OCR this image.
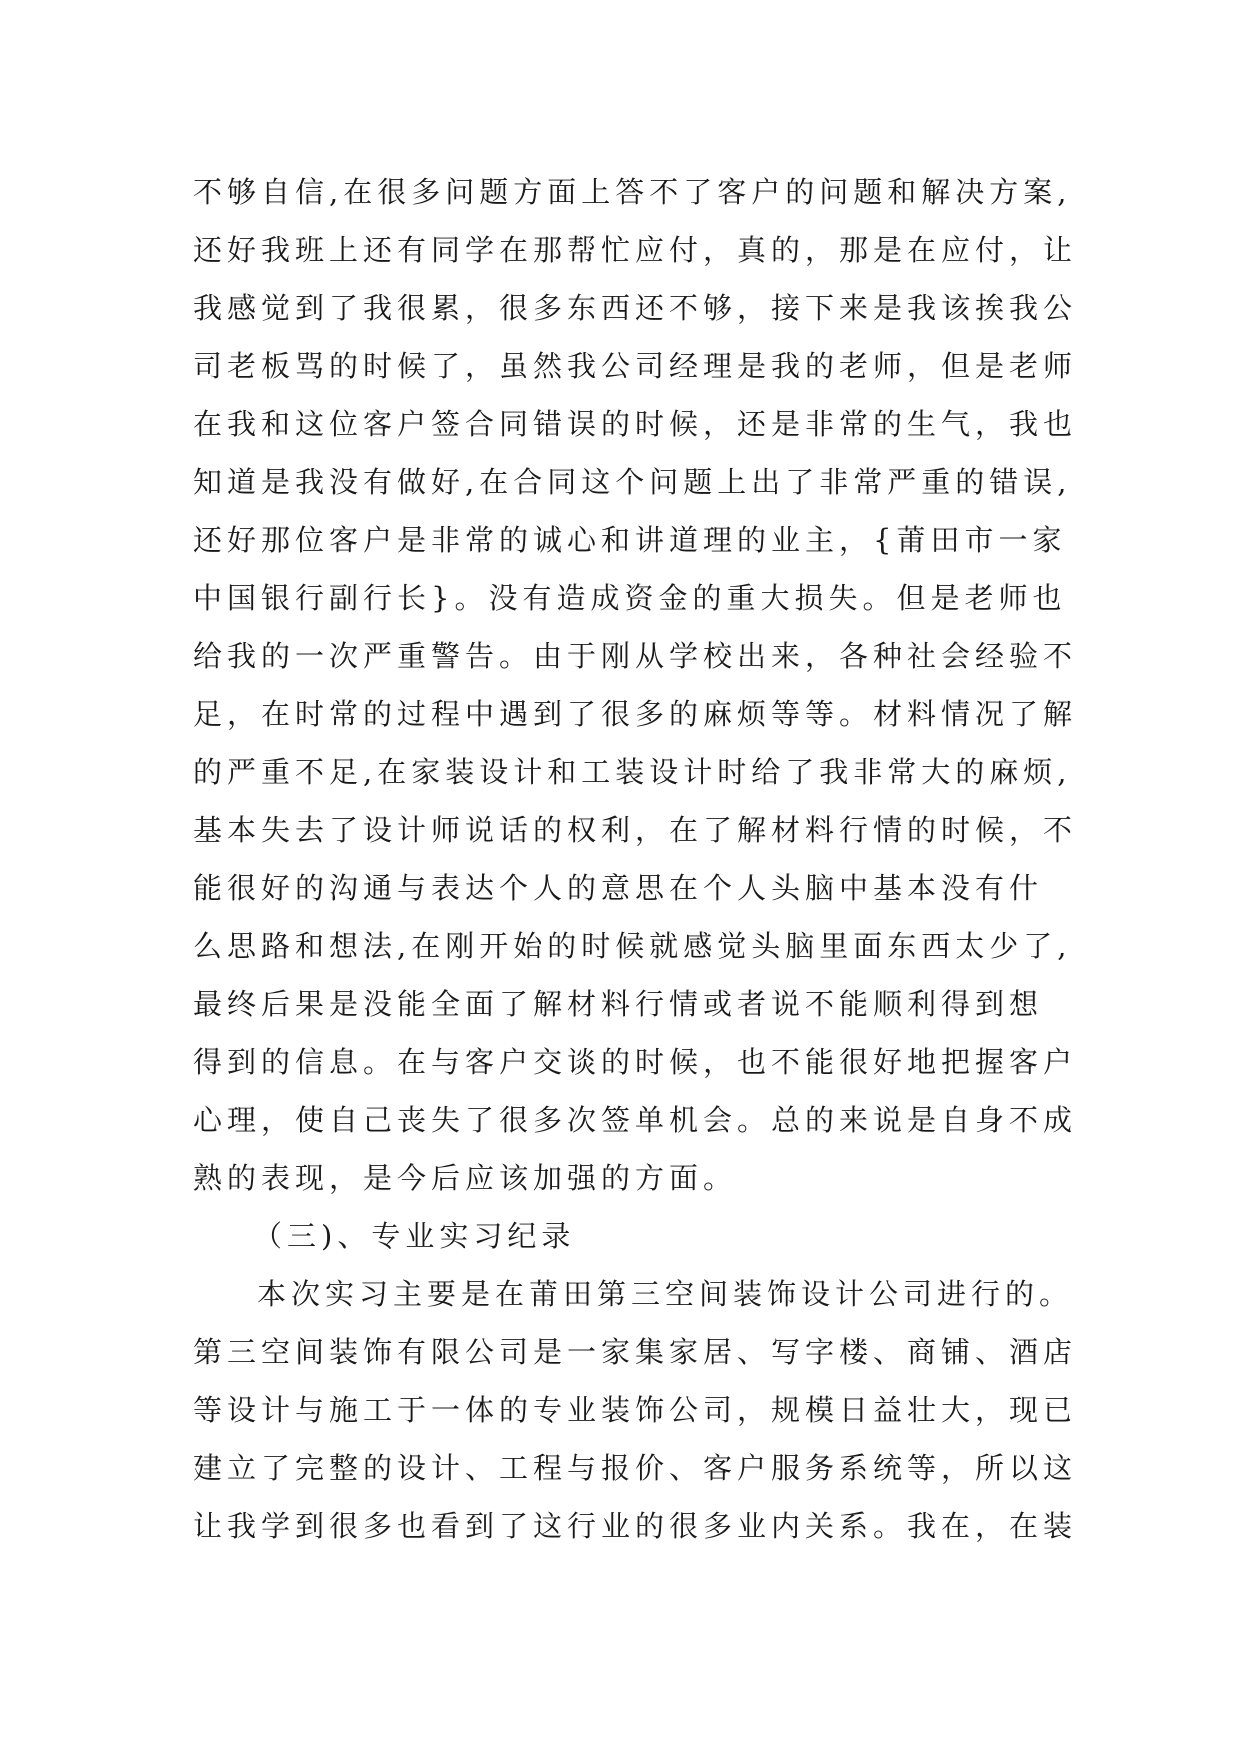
不够自信,在很多问题方面上答不了客户的问题和解决方案,
还好我班上还有同学在那帮忙应付，真的，那是在应付，让
我感觉到了我很累，很多东西还不够，接下来是我该挨我公
司老板骂的时候了，虽然我公司经理是我的老师，但是老师
在我和这位客户签合同错误的时候，还是非常的生气，我也
知道是我没有做好,在合同这个问题上出了非常严重的错误,
还好那位客户是非常的诚心和讲道理的业主，{莆田市一家
中国银行副行长}。没有造成资金的重大损失。但是老师也
给我的一次严重警告。由于刚从学校出来，各种社会经验不
足，在时常的过程中遇到了很多的麻烦等等。材料情况了解
的严重不足,在家装设计和工装设计时给了我非常大的麻烦,
基本失去了设计师说话的权利，在了解材料行情的时候，不
能很好的沟通与表达个人的意思在个人头脑中基本没有什
么思路和想法,在刚开始的时候就感觉头脑里面东西太少了,
最终后果是没能全面了解材料行情或者说不能顺利得到想
得到的信息。在与客户交谈的时候，也不能很好地把握客户
心理，使自己丧失了很多次签单机会。总的来说是自身不成
熟的表现，是今后应该加强的方面。
（三)、专业实习纪录
本次实习主要是在莆田第三空间装饰设计公司进行的。
第三空间装饰有限公司是一家集家居、写字楼、商铺、酒店
等设计与施工于一体的专业装饰公司，规模日益壮大，现已
建立了完整的设计、工程与报价、客户服务系统等，所以这
让我学到很多也看到了这行业的很多业内关系。我在，在装
